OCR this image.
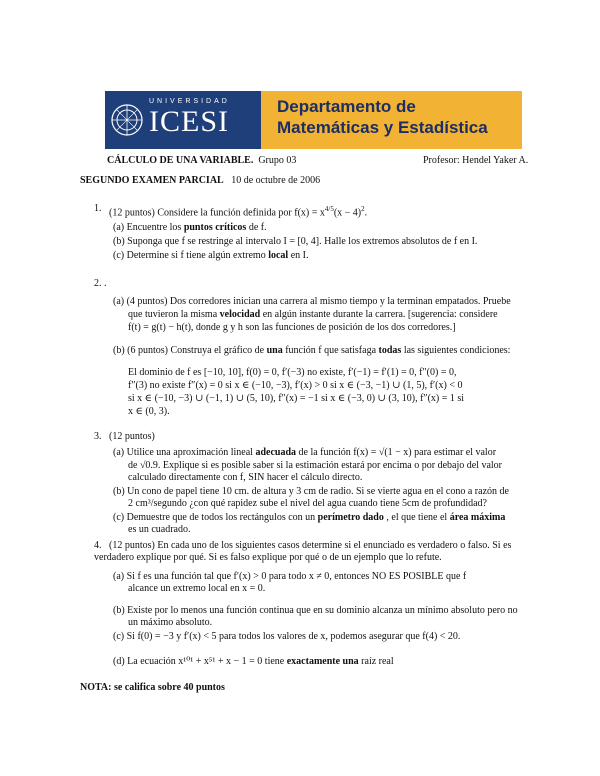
UNIVERSIDAD
ICESI	Departamento de
Matemáticas y Estadística
CÁLCULO DE UNA VARIABLE. Grupo 03	Profesor: Hendel Yaker A.
SEGUNDO EXAMEN PARCIAL 10 de octubre de 2006
1. (12 puntos) Considere la función definida por $f(x) = x^{4/5}(x - 4)^2$.
(a) Encuentre los puntos críticos de f.
(b) Suponga que f se restringe al intervalo I = [0, 4]. Halle los extremos absolutos de f en I.
(c) Determine si f tiene algún extremo local en I.
2. .
(a) (4 puntos) Dos corredores inician una carrera al mismo tiempo y la terminan empatados. Pruebe
que tuvieron la misma velocidad en algún instante durante la carrera. [sugerencia: considere
f(t) = g(t) − h(t), donde g y h son las funciones de posición de los dos corredores.]
(b) (6 puntos) Construya el gráfico de una función f que satisfaga todas las siguientes condiciones:
El dominio de f es [−10, 10], f(0) = 0, f′(−3) no existe, f′(−1) = f′(1) = 0, f″(0) = 0,
f″(3) no existe f″(x) = 0 si x ∈ (−10, −3), f′(x) > 0 si x ∈ (−3, −1) ∪ (1, 5), f′(x) < 0
si x ∈ (−10, −3) ∪ (−1, 1) ∪ (5, 10), f″(x) = −1 si x ∈ (−3, 0) ∪ (3, 10), f″(x) = 1 si
x ∈ (0, 3).
3. (12 puntos)
(a) Utilice una aproximación lineal adecuada de la función f(x) = √(1 − x) para estimar el valor
de √0.9. Explique si es posible saber si la estimación estará por encima o por debajo del valor
calculado directamente con f, SIN hacer el cálculo directo.
(b) Un cono de papel tiene 10 cm. de altura y 3 cm de radio. Si se vierte agua en el cono a razón de
2 cm³/segundo ¿con qué rapidez sube el nivel del agua cuando tiene 5cm de profundidad?
(c) Demuestre que de todos los rectángulos con un perímetro dado , el que tiene el área máxima
es un cuadrado.
4. (12 puntos) En cada uno de los siguientes casos determine si el enunciado es verdadero o falso. Si es
verdadero explique por qué. Si es falso explique por qué o de un ejemplo que lo refute.
(a) Si f es una función tal que f′(x) > 0 para todo x ≠ 0, entonces NO ES POSIBLE que f
alcance un extremo local en x = 0.
(b) Existe por lo menos una función continua que en su dominio alcanza un mínimo absoluto pero no
un máximo absoluto.
(c) Si f(0) = −3 y f′(x) < 5 para todos los valores de x, podemos asegurar que f(4) < 20.
(d) La ecuación x¹⁰¹ + x⁵¹ + x − 1 = 0 tiene exactamente una raíz real
NOTA: se califica sobre 40 puntos
